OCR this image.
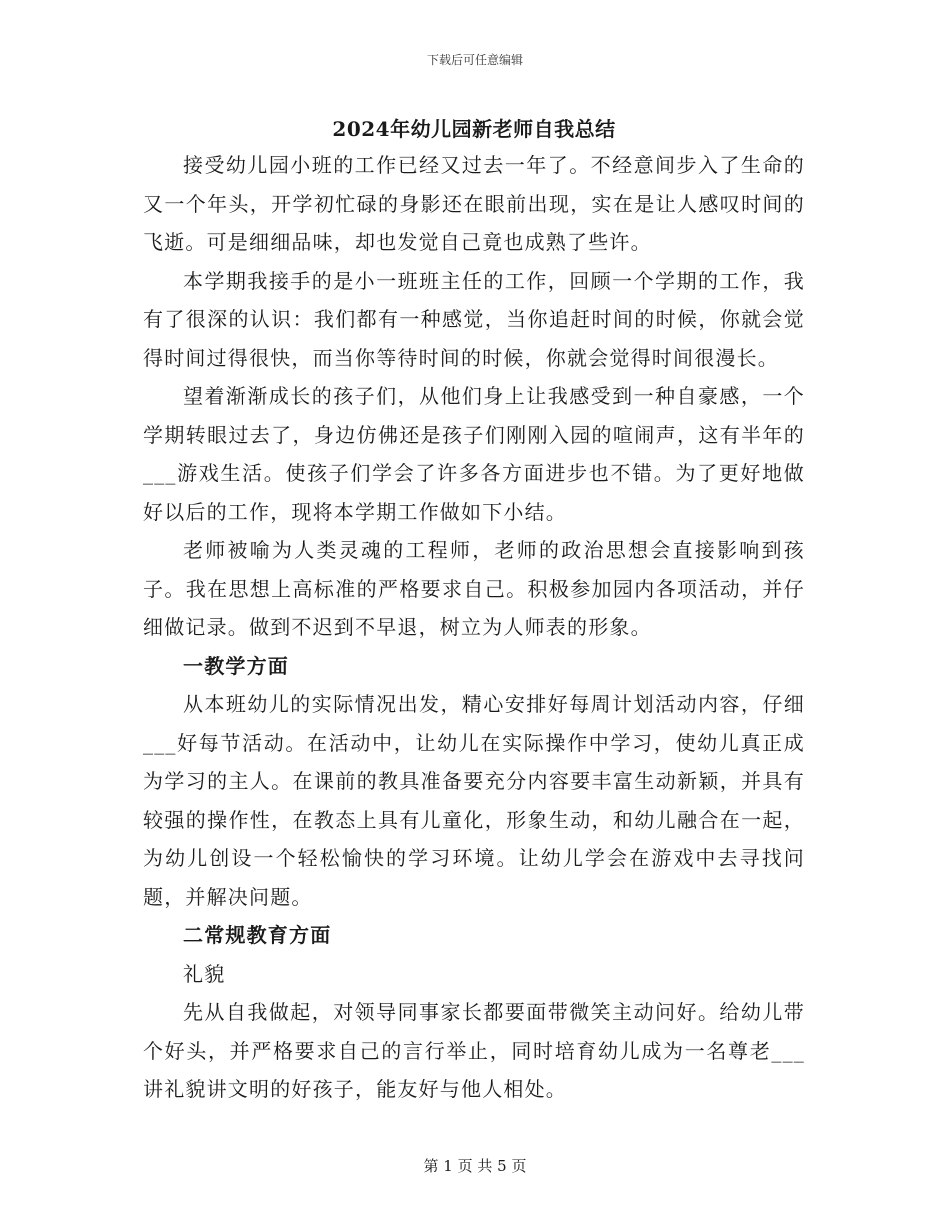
下载后可任意编辑
2024年幼儿园新老师自我总结

接受幼儿园小班的工作已经又过去一年了。不经意间步入了生命的又一个年头，开学初忙碌的身影还在眼前出现，实在是让人感叹时间的飞逝。可是细细品味，却也发觉自己竟也成熟了些许。

本学期我接手的是小一班班主任的工作，回顾一个学期的工作，我有了很深的认识：我们都有一种感觉，当你追赶时间的时候，你就会觉得时间过得很快，而当你等待时间的时候，你就会觉得时间很漫长。

望着渐渐成长的孩子们，从他们身上让我感受到一种自豪感，一个学期转眼过去了，身边仿佛还是孩子们刚刚入园的喧闹声，这有半年的___游戏生活。使孩子们学会了许多各方面进步也不错。为了更好地做好以后的工作，现将本学期工作做如下小结。

老师被喻为人类灵魂的工程师，老师的政治思想会直接影响到孩子。我在思想上高标准的严格要求自己。积极参加园内各项活动，并仔细做记录。做到不迟到不早退，树立为人师表的形象。

一教学方面

从本班幼儿的实际情况出发，精心安排好每周计划活动内容，仔细___好每节活动。在活动中，让幼儿在实际操作中学习，使幼儿真正成为学习的主人。在课前的教具准备要充分内容要丰富生动新颖，并具有较强的操作性，在教态上具有儿童化，形象生动，和幼儿融合在一起，为幼儿创设一个轻松愉快的学习环境。让幼儿学会在游戏中去寻找问题，并解决问题。

二常规教育方面

礼貌

先从自我做起，对领导同事家长都要面带微笑主动问好。给幼儿带个好头，并严格要求自己的言行举止，同时培育幼儿成为一名尊老___讲礼貌讲文明的好孩子，能友好与他人相处。

第 1 页 共 5 页
